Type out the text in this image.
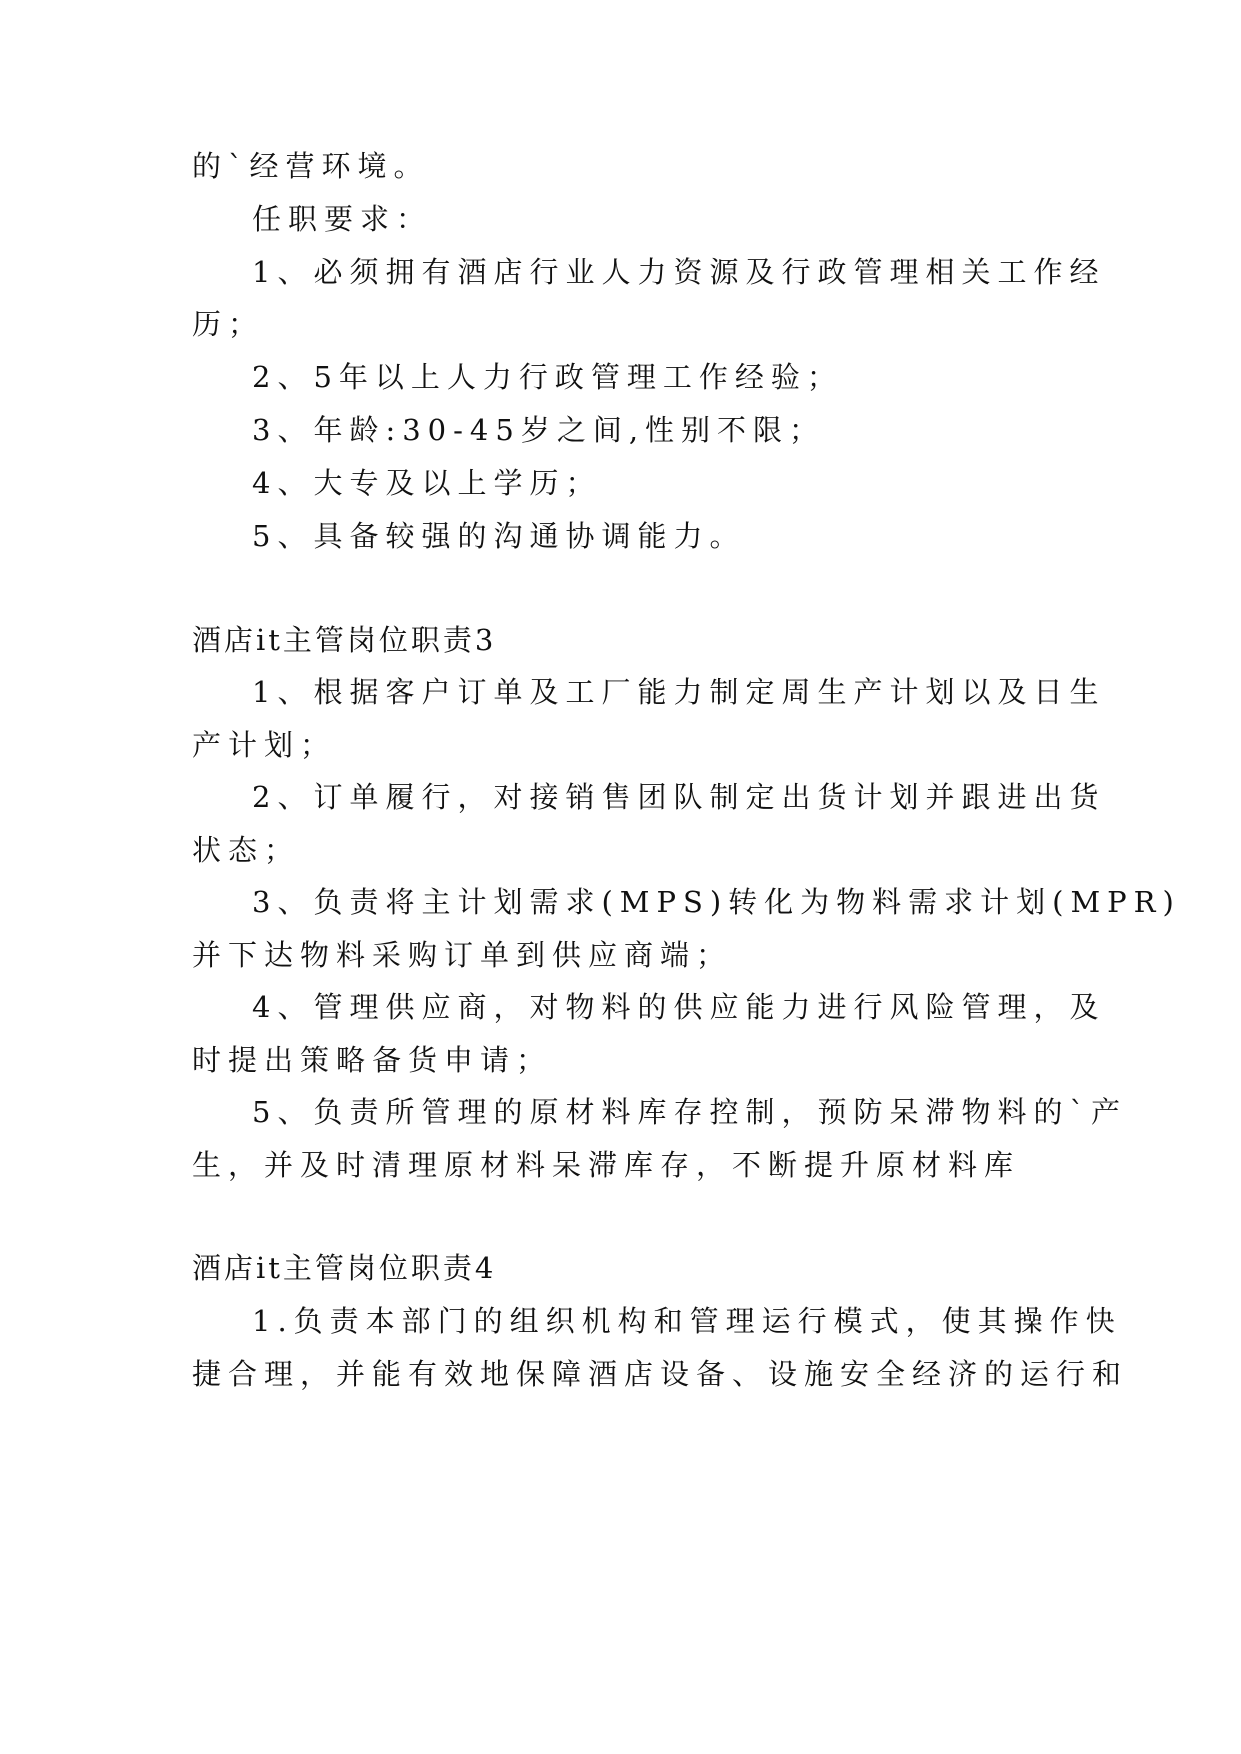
的`经营环境。
任职要求：
1、必须拥有酒店行业人力资源及行政管理相关工作经
历；
2、5年以上人力行政管理工作经验；
3、年龄:30-45岁之间,性别不限；
4、大专及以上学历；
5、具备较强的沟通协调能力。
酒店it主管岗位职责3
1、根据客户订单及工厂能力制定周生产计划以及日生
产计划；
2、订单履行，对接销售团队制定出货计划并跟进出货
状态；
3、负责将主计划需求(MPS)转化为物料需求计划(MPR)
并下达物料采购订单到供应商端；
4、管理供应商，对物料的供应能力进行风险管理，及
时提出策略备货申请；
5、负责所管理的原材料库存控制，预防呆滞物料的`产
生，并及时清理原材料呆滞库存，不断提升原材料库
酒店it主管岗位职责4
1.负责本部门的组织机构和管理运行模式，使其操作快
捷合理，并能有效地保障酒店设备、设施安全经济的运行和
